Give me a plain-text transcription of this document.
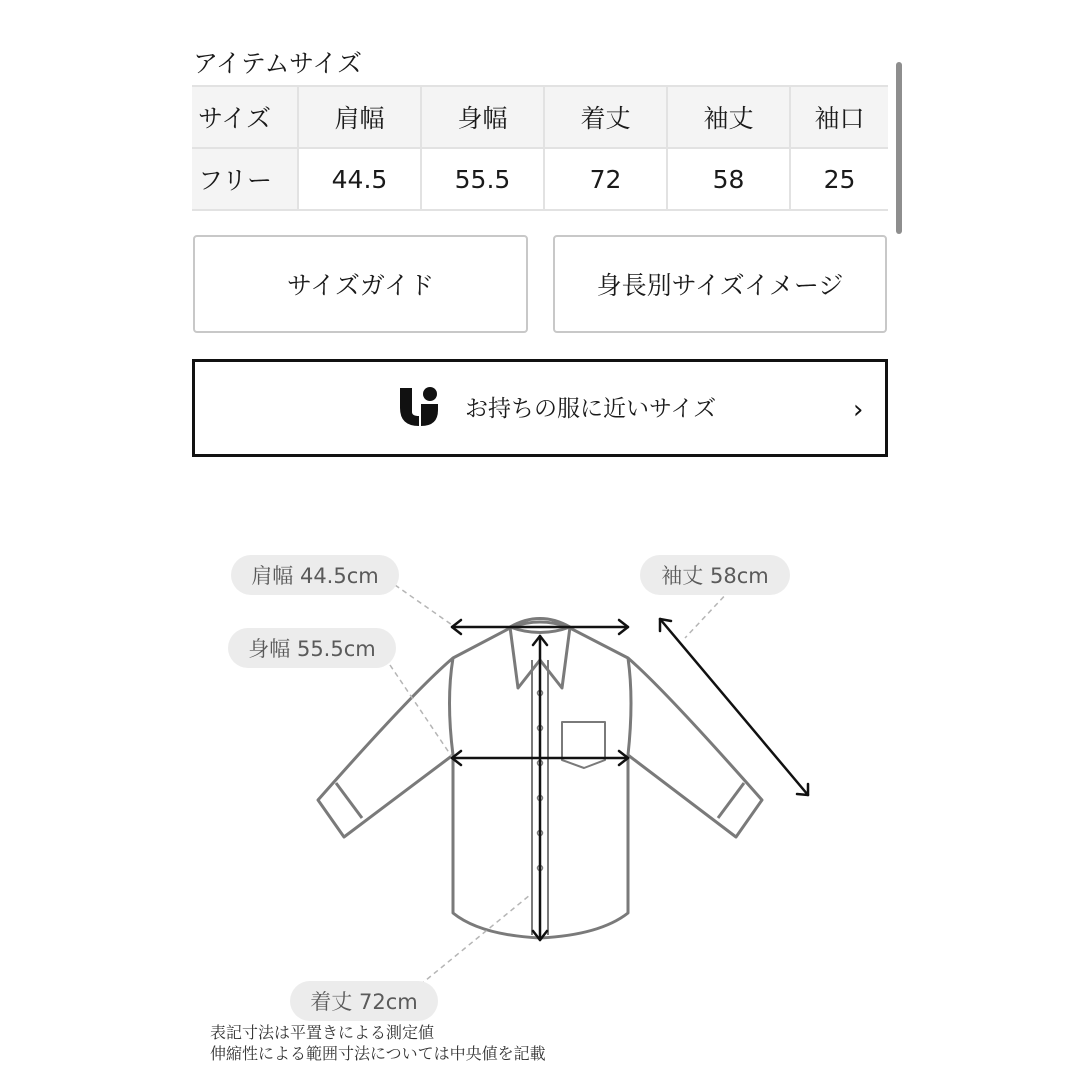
アイテムサイズ
サイズ	肩幅	身幅	着丈	袖丈	袖口
フリー	44.5	55.5	72	58	25
サイズガイド	身長別サイズイメージ
お持ちの服に近いサイズ	›
肩幅 44.5cm
身幅 55.5cm
袖丈 58cm
着丈 72cm
表記寸法は平置きによる測定値
伸縮性による範囲寸法については中央値を記載
